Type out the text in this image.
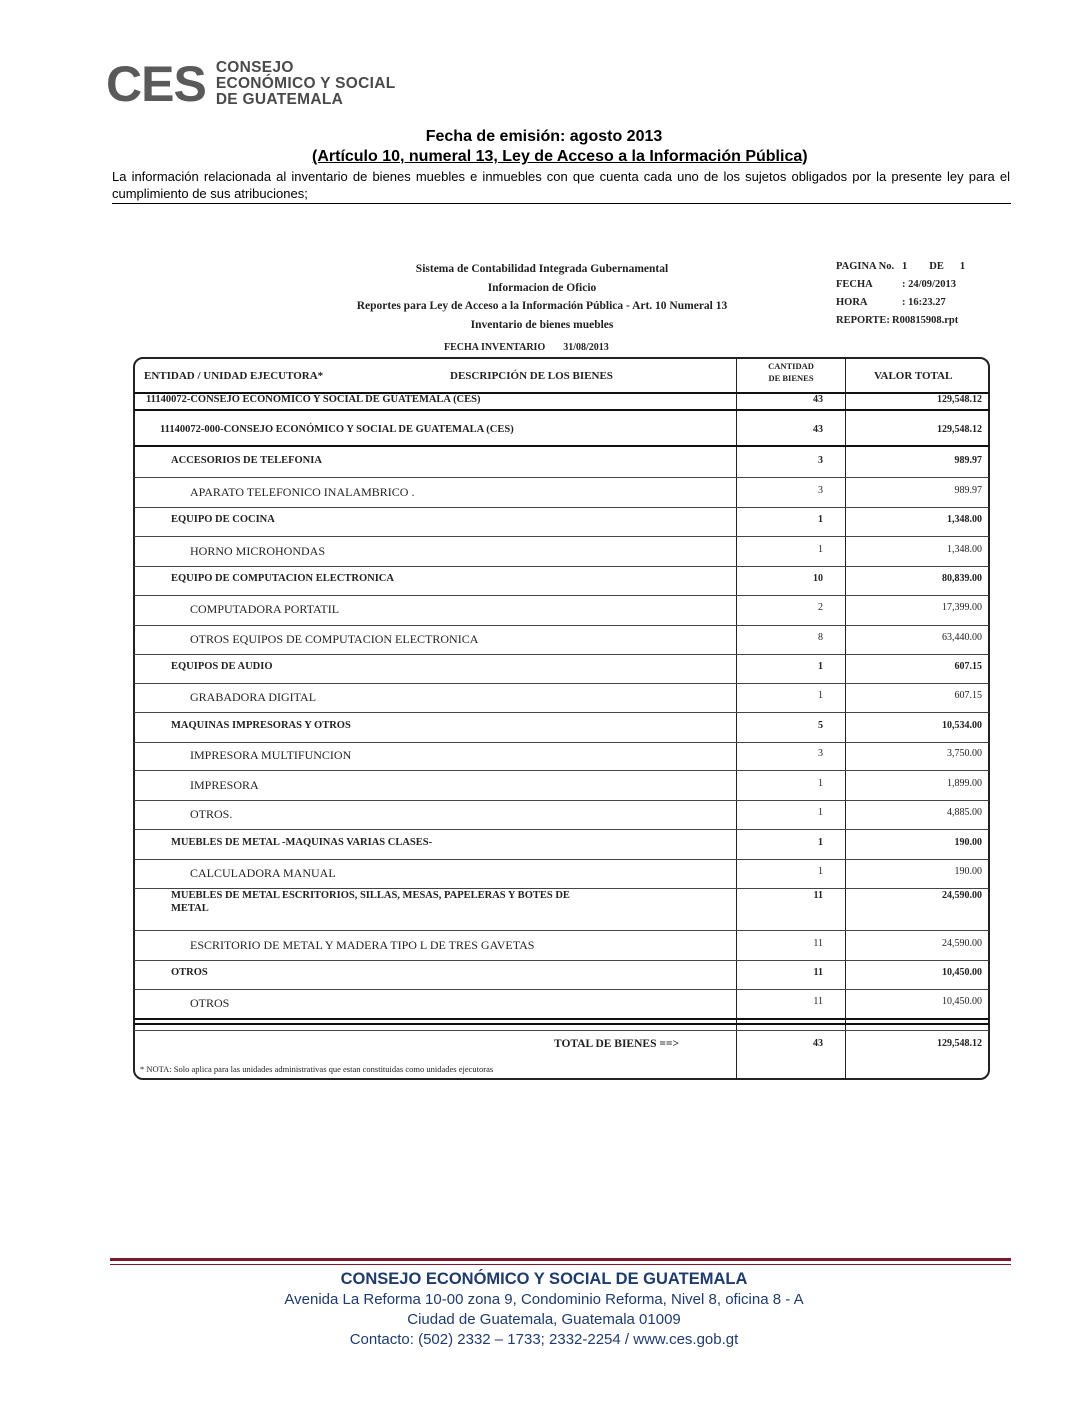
CES CONSEJO
ECONÓMICO Y SOCIAL
DE GUATEMALA
Fecha de emisión: agosto 2013
(Artículo 10, numeral 13, Ley de Acceso a la Información Pública)
La información relacionada al inventario de bienes muebles e inmuebles con que cuenta cada uno de los sujetos obligados por la presente ley para el cumplimiento de sus atribuciones;
Sistema de Contabilidad Integrada Gubernamental
Informacion de Oficio
Reportes para Ley de Acceso a la Información Pública - Art. 10 Numeral 13
Inventario de bienes muebles
PAGINA No. 1 DE 1
FECHA	: 24/09/2013
HORA	: 16:23.27
REPORTE: R00815908.rpt
FECHA INVENTARIO 31/08/2013
ENTIDAD / UNIDAD EJECUTORA*	DESCRIPCIÓN DE LOS BIENES
CANTIDAD
DE BIENES	VALOR TOTAL
11140072-CONSEJO ECONÓMICO Y SOCIAL DE GUATEMALA (CES)	43	129,548.12
11140072-000-CONSEJO ECONÓMICO Y SOCIAL DE GUATEMALA (CES)	43	129,548.12
ACCESORIOS DE TELEFONIA	3	989.97
APARATO TELEFONICO INALAMBRICO .	3	989.97
EQUIPO DE COCINA	1	1,348.00
HORNO MICROHONDAS	1	1,348.00
EQUIPO DE COMPUTACION ELECTRONICA	10	80,839.00
COMPUTADORA PORTATIL	2	17,399.00
OTROS EQUIPOS DE COMPUTACION ELECTRONICA	8	63,440.00
EQUIPOS DE AUDIO	1	607.15
GRABADORA DIGITAL	1	607.15
MAQUINAS IMPRESORAS Y OTROS	5	10,534.00
IMPRESORA MULTIFUNCION	3	3,750.00
IMPRESORA	1	1,899.00
OTROS.	1	4,885.00
MUEBLES DE METAL -MAQUINAS VARIAS CLASES-	1	190.00
CALCULADORA MANUAL	1	190.00
MUEBLES DE METAL ESCRITORIOS, SILLAS, MESAS, PAPELERAS Y BOTES DE
METAL
11	24,590.00
ESCRITORIO DE METAL Y MADERA TIPO L DE TRES GAVETAS	11	24,590.00
OTROS	11	10,450.00
OTROS	11	10,450.00
TOTAL DE BIENES ==>	43	129,548.12
* NOTA: Solo aplica para las unidades administrativas que estan constituidas como unidades ejecutoras
CONSEJO ECONÓMICO Y SOCIAL DE GUATEMALA
Avenida La Reforma 10-00 zona 9, Condominio Reforma, Nivel 8, oficina 8 - A
Ciudad de Guatemala, Guatemala 01009
Contacto: (502) 2332 – 1733; 2332-2254 / www.ces.gob.gt
